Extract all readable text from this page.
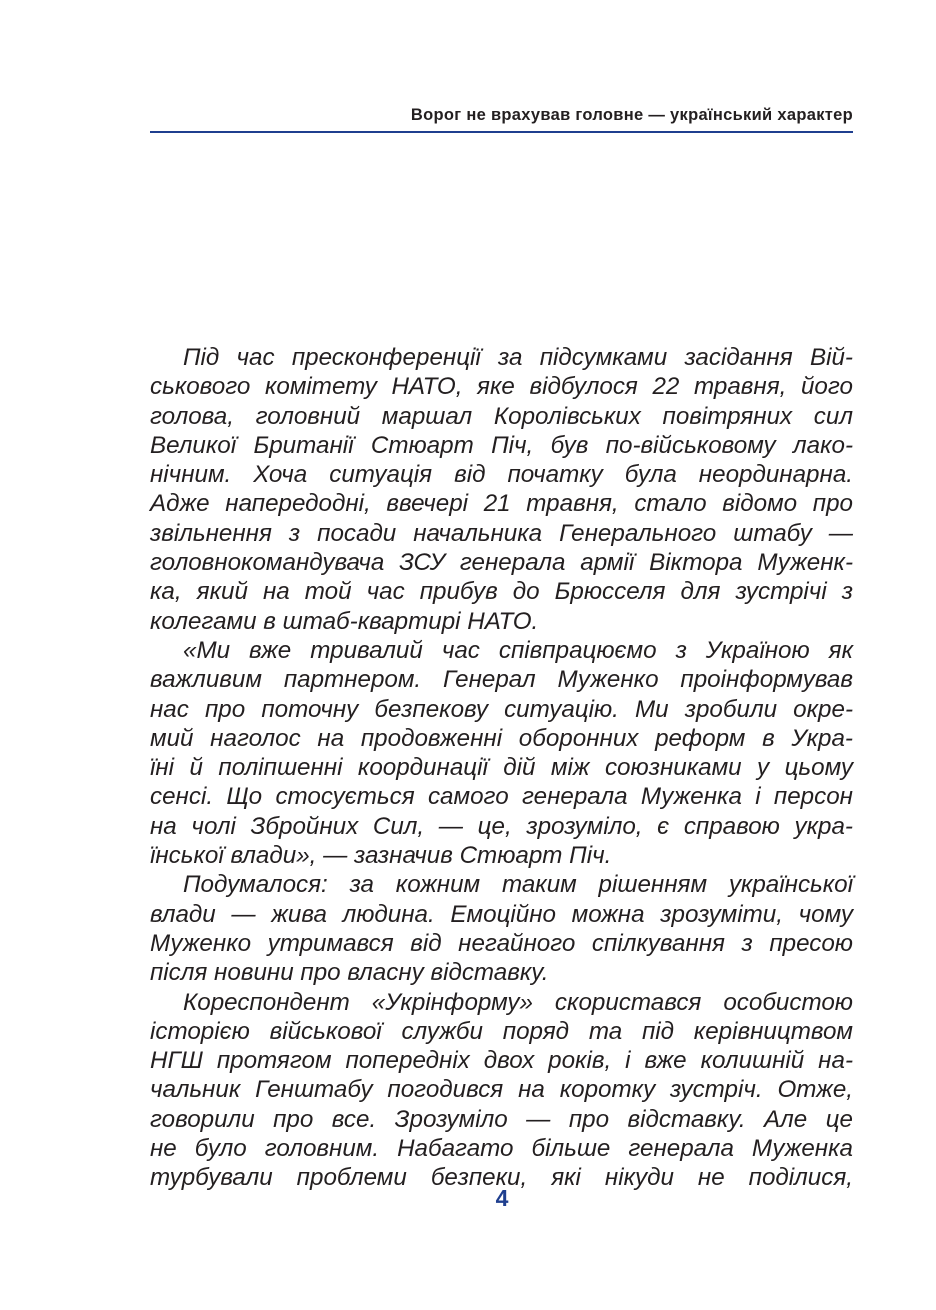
Ворог не врахував головне — український характер
Під час пресконференції за підсумками засідання Вій-
ськового комітету НАТО, яке відбулося 22 травня, його
голова, головний маршал Королівських повітряних сил
Великої Британії Стюарт Піч, був по-військовому лако-
нічним. Хоча ситуація від початку була неординарна.
Адже напередодні, ввечері 21 травня, стало відомо про
звільнення з посади начальника Генерального штабу —
головнокомандувача ЗСУ генерала армії Віктора Муженк-
ка, який на той час прибув до Брюсселя для зустрічі з
колегами в штаб-квартирі НАТО.
«Ми вже тривалий час співпрацюємо з Україною як
важливим партнером. Генерал Муженко проінформував
нас про поточну безпекову ситуацію. Ми зробили окре-
мий наголос на продовженні оборонних реформ в Укра-
їні й поліпшенні координації дій між союзниками у цьому
сенсі. Що стосується самого генерала Муженка і персон
на чолі Збройних Сил, — це, зрозуміло, є справою укра-
їнської влади», — зазначив Стюарт Піч.
Подумалося: за кожним таким рішенням української
влади — жива людина. Емоційно можна зрозуміти, чому
Муженко утримався від негайного спілкування з пресою
після новини про власну відставку.
Кореспондент «Укрінформу» скористався особистою
історією військової служби поряд та під керівництвом
НГШ протягом попередніх двох років, і вже колишній на-
чальник Генштабу погодився на коротку зустріч. Отже,
говорили про все. Зрозуміло — про відставку. Але це
не було головним. Набагато більше генерала Муженка
турбували проблеми безпеки, які нікуди не поділися,
4
